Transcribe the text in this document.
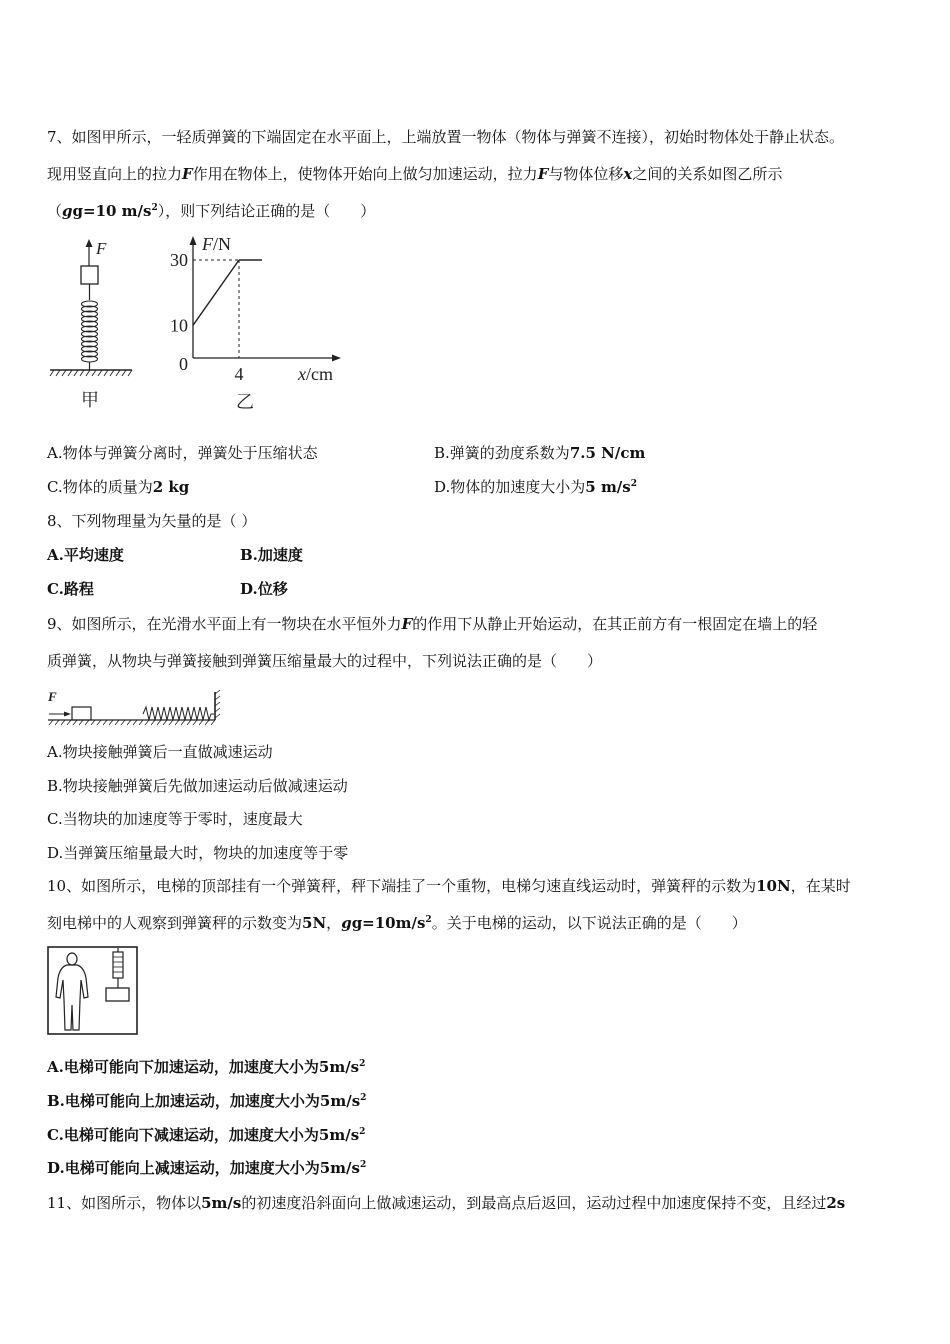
7、如图甲所示，一轻质弹簧的下端固定在水平面上，上端放置一物体（物体与弹簧不连接），初始时物体处于静止状态。
现用竖直向上的拉力F作用在物体上，使物体开始向上做匀加速运动，拉力F与物体位移x之间的关系如图乙所示
（gg=10 $m/s^2$），则下列结论正确的是（　　）
F
甲
F/N
x/cm
0
10
30
4
乙
A.物体与弹簧分离时，弹簧处于压缩状态	B.弹簧的劲度系数为7.5 N/cm
C.物体的质量为2 kg	D.物体的加速度大小为5 $m/s^2$
8、下列物理量为矢量的是（ ）
A.平均速度	B.加速度
C.路程	D.位移
9、如图所示，在光滑水平面上有一物块在水平恒外力F的作用下从静止开始运动，在其正前方有一根固定在墙上的轻
质弹簧，从物块与弹簧接触到弹簧压缩量最大的过程中，下列说法正确的是（　　）
F
A.物块接触弹簧后一直做减速运动
B.物块接触弹簧后先做加速运动后做减速运动
C.当物块的加速度等于零时，速度最大
D.当弹簧压缩量最大时，物块的加速度等于零
10、如图所示，电梯的顶部挂有一个弹簧秤，秤下端挂了一个重物，电梯匀速直线运动时，弹簧秤的示数为10N，在某时
刻电梯中的人观察到弹簧秤的示数变为5N，$gg=10m/s^2$。关于电梯的运动，以下说法正确的是（　　）
A.电梯可能向下加速运动，加速度大小为$5m/s^2$
B.电梯可能向上加速运动，加速度大小为$5m/s^2$
C.电梯可能向下减速运动，加速度大小为$5m/s^2$
D.电梯可能向上减速运动，加速度大小为$5m/s^2$
11、如图所示，物体以5m/s的初速度沿斜面向上做减速运动，到最高点后返回，运动过程中加速度保持不变，且经过2s
